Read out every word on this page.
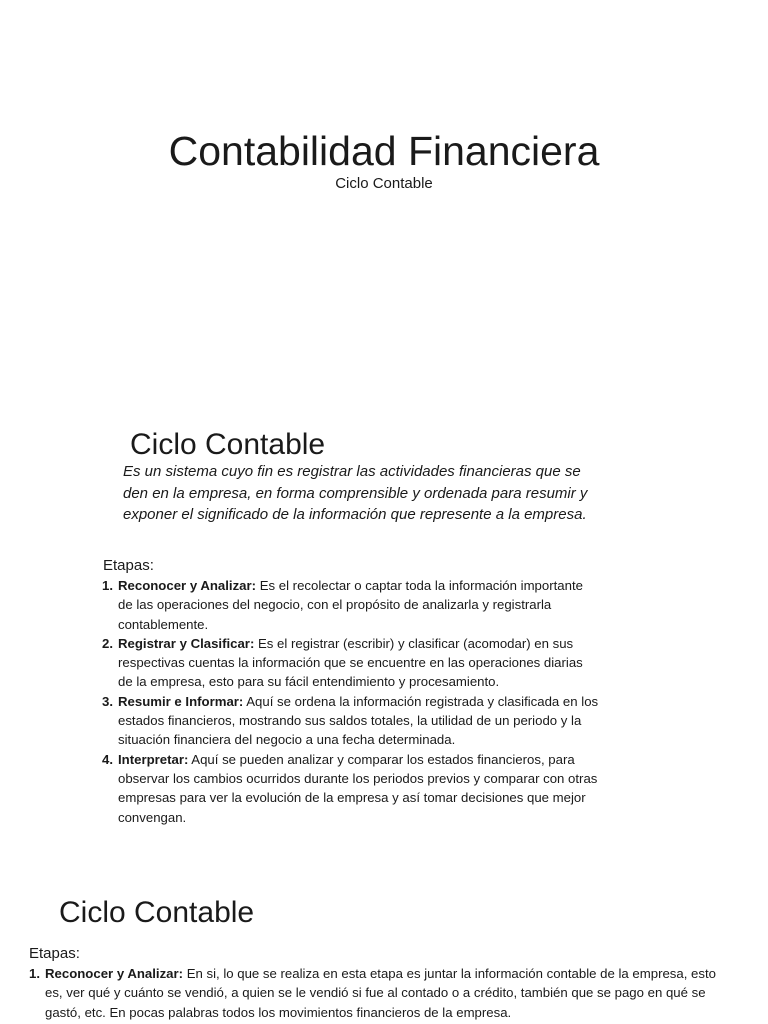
Contabilidad Financiera
Ciclo Contable
Ciclo Contable
Es un sistema cuyo fin es registrar las actividades financieras que se den en la empresa, en forma comprensible y ordenada para resumir y exponer el significado de la información que represente a la empresa.
Etapas:
1. Reconocer y Analizar: Es el recolectar o captar toda la información importante de las operaciones del negocio, con el propósito de analizarla y registrarla contablemente.
2. Registrar y Clasificar: Es el registrar (escribir) y clasificar (acomodar) en sus respectivas cuentas la información que se encuentre en las operaciones diarias de la empresa, esto para su fácil entendimiento y procesamiento.
3. Resumir e Informar: Aquí se ordena la información registrada y clasificada en los estados financieros, mostrando sus saldos totales, la utilidad de un periodo y la situación financiera del negocio a una fecha determinada.
4. Interpretar: Aquí se pueden analizar y comparar los estados financieros, para observar los cambios ocurridos durante los periodos previos y comparar con otras empresas para ver la evolución de la empresa y así tomar decisiones que mejor convengan.
Ciclo Contable
Etapas:
1. Reconocer y Analizar: En si, lo que se realiza en esta etapa es juntar la información contable de la empresa, esto es, ver qué y cuánto se vendió, a quien se le vendió si fue al contado o a crédito, también que se pago en qué se gastó, etc. En pocas palabras todos los movimientos financieros de la empresa.
